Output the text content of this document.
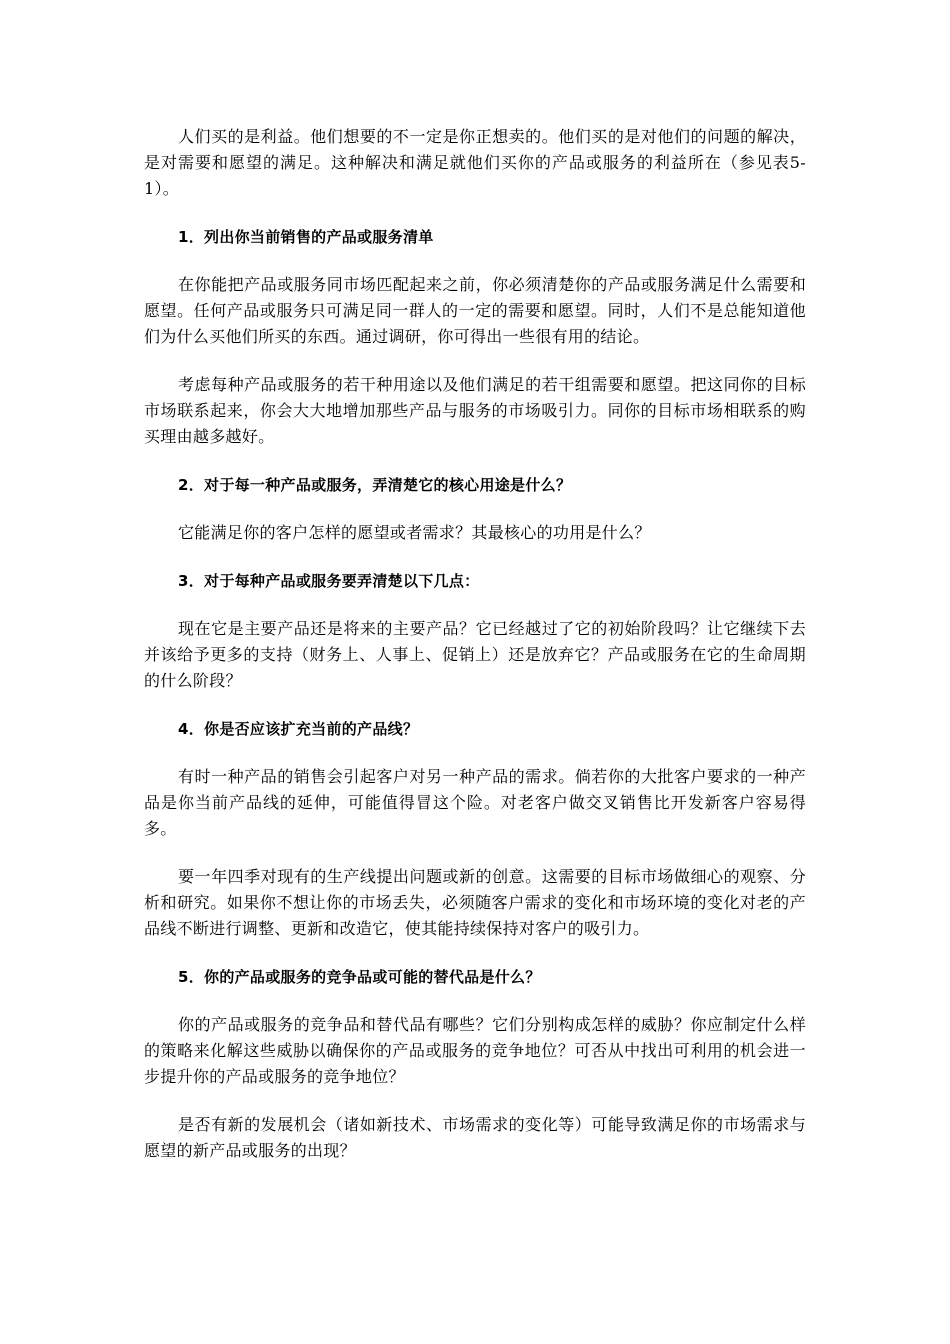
人们买的是利益。他们想要的不一定是你正想卖的。他们买的是对他们的问题的解决，是对需要和愿望的满足。这种解决和满足就他们买你的产品或服务的利益所在（参见表5-1）。

1．列出你当前销售的产品或服务清单

在你能把产品或服务同市场匹配起来之前，你必须清楚你的产品或服务满足什么需要和愿望。任何产品或服务只可满足同一群人的一定的需要和愿望。同时，人们不是总能知道他们为什么买他们所买的东西。通过调研，你可得出一些很有用的结论。

考虑每种产品或服务的若干种用途以及他们满足的若干组需要和愿望。把这同你的目标市场联系起来，你会大大地增加那些产品与服务的市场吸引力。同你的目标市场相联系的购买理由越多越好。

2．对于每一种产品或服务，弄清楚它的核心用途是什么？

它能满足你的客户怎样的愿望或者需求？其最核心的功用是什么？

3．对于每种产品或服务要弄清楚以下几点：

现在它是主要产品还是将来的主要产品？它已经越过了它的初始阶段吗？让它继续下去并该给予更多的支持（财务上、人事上、促销上）还是放弃它？产品或服务在它的生命周期的什么阶段？

4．你是否应该扩充当前的产品线？

有时一种产品的销售会引起客户对另一种产品的需求。倘若你的大批客户要求的一种产品是你当前产品线的延伸，可能值得冒这个险。对老客户做交叉销售比开发新客户容易得多。

要一年四季对现有的生产线提出问题或新的创意。这需要的目标市场做细心的观察、分析和研究。如果你不想让你的市场丢失，必须随客户需求的变化和市场环境的变化对老的产品线不断进行调整、更新和改造它，使其能持续保持对客户的吸引力。

5．你的产品或服务的竞争品或可能的替代品是什么？

你的产品或服务的竞争品和替代品有哪些？它们分别构成怎样的威胁？你应制定什么样的策略来化解这些威胁以确保你的产品或服务的竞争地位？可否从中找出可利用的机会进一步提升你的产品或服务的竞争地位？

是否有新的发展机会（诸如新技术、市场需求的变化等）可能导致满足你的市场需求与愿望的新产品或服务的出现？
